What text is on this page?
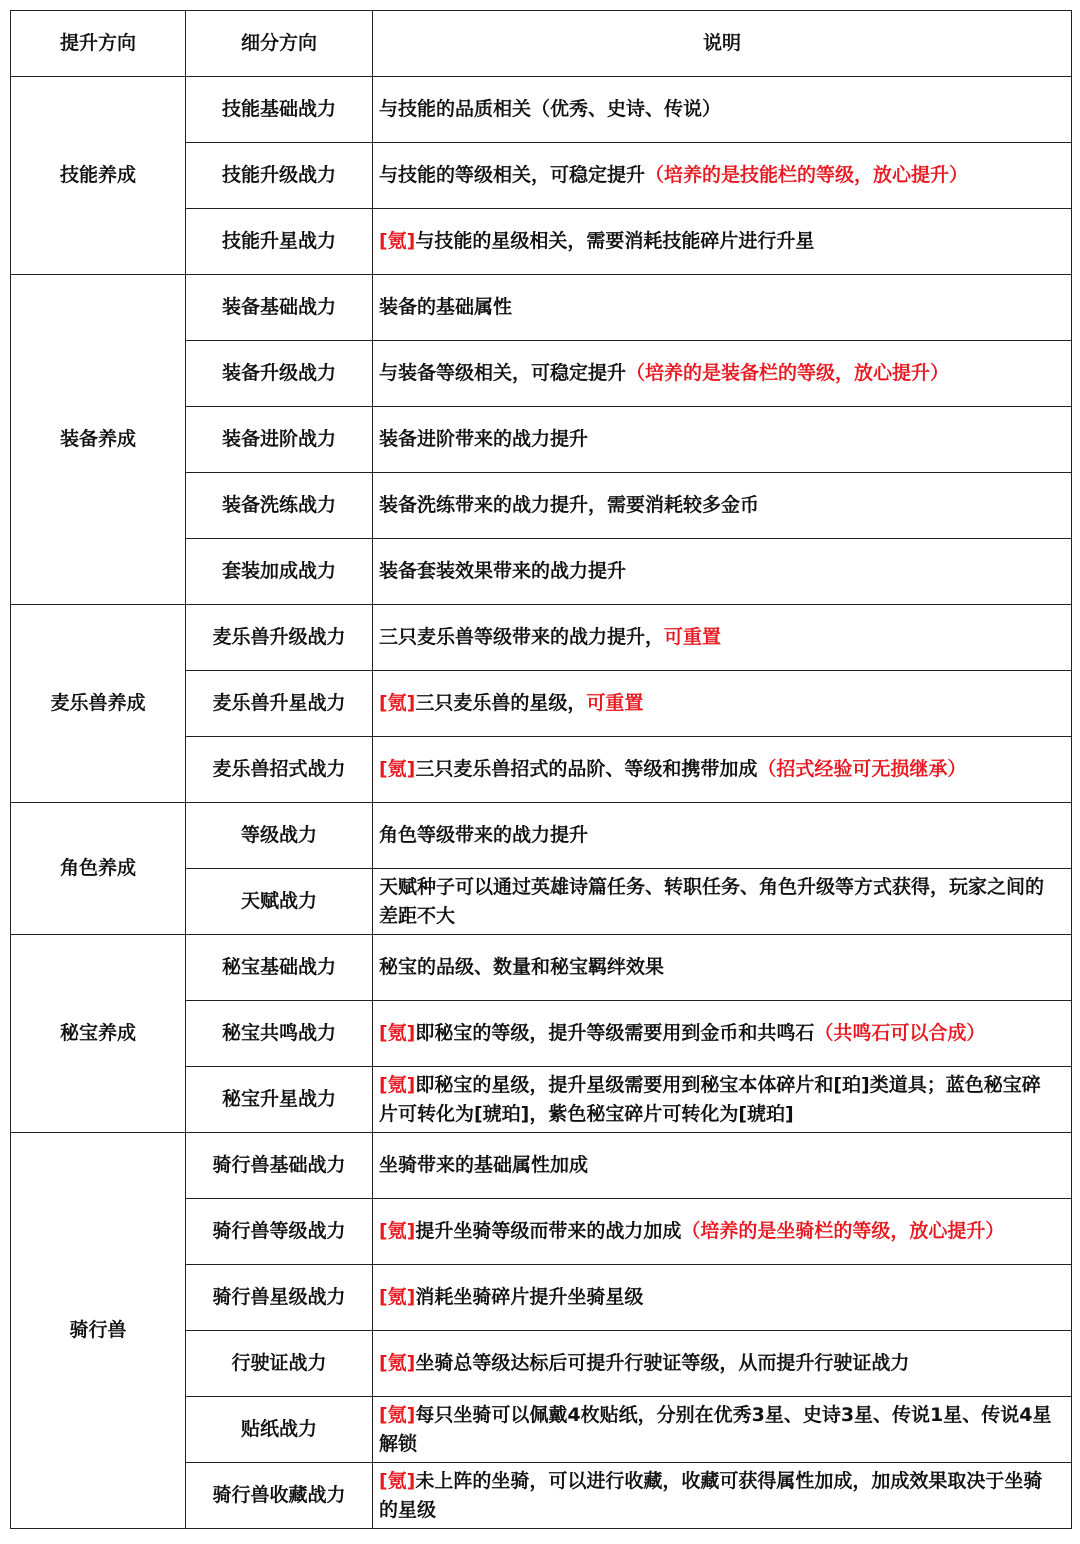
提升方向	细分方向	说明
技能养成	技能基础战力	与技能的品质相关（优秀、史诗、传说）
	技能升级战力	与技能的等级相关，可稳定提升（培养的是技能栏的等级，放心提升）
	技能升星战力	[氪]与技能的星级相关，需要消耗技能碎片进行升星
装备养成	装备基础战力	装备的基础属性
	装备升级战力	与装备等级相关，可稳定提升（培养的是装备栏的等级，放心提升）
	装备进阶战力	装备进阶带来的战力提升
	装备洗练战力	装备洗练带来的战力提升，需要消耗较多金币
	套装加成战力	装备套装效果带来的战力提升
麦乐兽养成	麦乐兽升级战力	三只麦乐兽等级带来的战力提升，可重置
	麦乐兽升星战力	[氪]三只麦乐兽的星级，可重置
	麦乐兽招式战力	[氪]三只麦乐兽招式的品阶、等级和携带加成（招式经验可无损继承）
角色养成	等级战力	角色等级带来的战力提升
	天赋战力	天赋种子可以通过英雄诗篇任务、转职任务、角色升级等方式获得，玩家之间的差距不大
秘宝养成	秘宝基础战力	秘宝的品级、数量和秘宝羁绊效果
	秘宝共鸣战力	[氪]即秘宝的等级，提升等级需要用到金币和共鸣石（共鸣石可以合成）
	秘宝升星战力	[氪]即秘宝的星级，提升星级需要用到秘宝本体碎片和[珀]类道具；蓝色秘宝碎片可转化为[琥珀]，紫色秘宝碎片可转化为[琥珀]
骑行兽	骑行兽基础战力	坐骑带来的基础属性加成
	骑行兽等级战力	[氪]提升坐骑等级而带来的战力加成（培养的是坐骑栏的等级，放心提升）
	骑行兽星级战力	[氪]消耗坐骑碎片提升坐骑星级
	行驶证战力	[氪]坐骑总等级达标后可提升行驶证等级，从而提升行驶证战力
	贴纸战力	[氪]每只坐骑可以佩戴4枚贴纸，分别在优秀3星、史诗3星、传说1星、传说4星解锁
	骑行兽收藏战力	[氪]未上阵的坐骑，可以进行收藏，收藏可获得属性加成，加成效果取决于坐骑的星级
